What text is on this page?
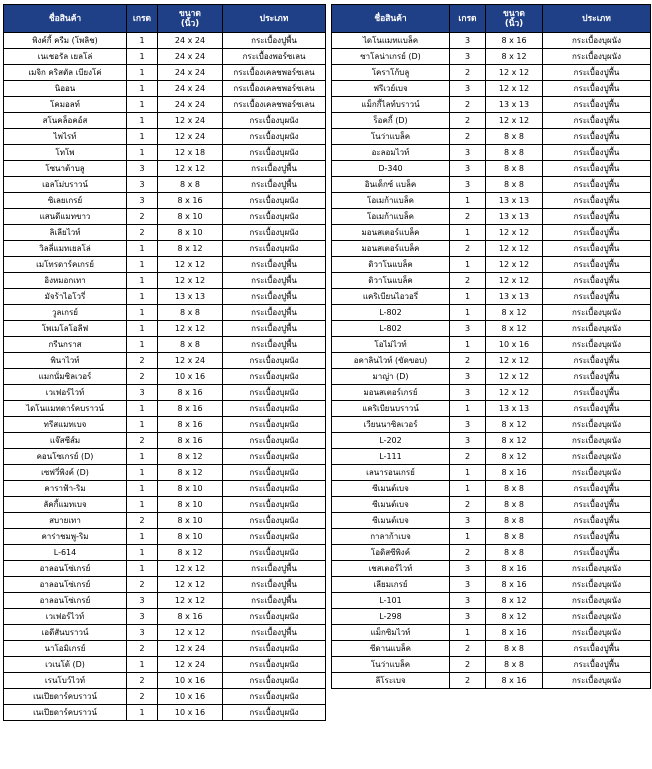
ชื่อสินค้า	เกรด	ขนาด
(นิ้ว)	ประเภท
พิงค์กี้ ครีม (โพลิช)	1	24 x 24	กระเบื้องปูพื้น
เนเชอรัล เยลโล่	1	24 x 24	กระเบื้องพอร์ซเลน
เมจิก คริสตัล เบียงโค่	1	24 x 24	กระเบื้องเคลชพอร์ซเลน
นิออน	1	24 x 24	กระเบื้องเคลชพอร์ซเลน
โคมอลท์	1	24 x 24	กระเบื้องเคลชพอร์ซเลน
สโนคล็อคอ์ส	1	12 x 24	กระเบื้องบุผนัง
ไพไรท์	1	12 x 24	กระเบื้องบุผนัง
โทโพ	1	12 x 18	กระเบื้องบุผนัง
โซนาต้าบลู	3	12 x 12	กระเบื้องปูพื้น
เอลโม่บราวน์	3	8 x 8	กระเบื้องปูพื้น
ซิเลยเกรย์	3	8 x 16	กระเบื้องบุผนัง
แสนดีแมทขาว	2	8 x 10	กระเบื้องบุผนัง
ลิเลียไวท์	2	8 x 10	กระเบื้องบุผนัง
วิลลี่แมทเยลโล่	1	8 x 12	กระเบื้องบุผนัง
เมโทรดาร์คเกรย์	1	12 x 12	กระเบื้องปูพื้น
อิงหมอกเทา	1	12 x 12	กระเบื้องปูพื้น
มัจร้าไอโวรี่	1	13 x 13	กระเบื้องปูพื้น
วูลเกรย์	1	8 x 8	กระเบื้องปูพื้น
โพเมโลโอลีฟ	1	12 x 12	กระเบื้องปูพื้น
กรีนกราส	1	8 x 8	กระเบื้องปูพื้น
พินาไวท์	2	12 x 24	กระเบื้องบุผนัง
แมกนั่มซิลเวอร์	2	10 x 16	กระเบื้องบุผนัง
เวเฟอร์ไวท์	3	8 x 16	กระเบื้องบุผนัง
ไดโนแมทดาร์คบราวน์	1	8 x 16	กระเบื้องบุผนัง
ทรีสแมทเบจ	1	8 x 16	กระเบื้องบุผนัง
แจ๊สซีส์ม	2	8 x 16	กระเบื้องบุผนัง
คอนโซเกรย์ (D)	1	8 x 12	กระเบื้องบุผนัง
เซฟวี่พิงค์ (D)	1	8 x 12	กระเบื้องบุผนัง
คาราฟ้า-ริม	1	8 x 10	กระเบื้องบุผนัง
ลัคกี้แมทเบจ	1	8 x 10	กระเบื้องบุผนัง
สบายเทา	2	8 x 10	กระเบื้องบุผนัง
คาร่าชมพู-ริม	1	8 x 10	กระเบื้องบุผนัง
L-614	1	8 x 12	กระเบื้องบุผนัง
อาลอนโซ่เกรย์	1	12 x 12	กระเบื้องปูพื้น
อาลอนโซ่เกรย์	2	12 x 12	กระเบื้องปูพื้น
อาลอนโซ่เกรย์	3	12 x 12	กระเบื้องปูพื้น
เวเฟอร์ไวท์	3	8 x 16	กระเบื้องบุผนัง
เอดีสันบราวน์	3	12 x 12	กระเบื้องปูพื้น
นาโอมิเกรย์	2	12 x 24	กระเบื้องบุผนัง
เวเนโต้ (D)	1	12 x 24	กระเบื้องบุผนัง
เรนโบว์ไวท์	2	10 x 16	กระเบื้องบุผนัง
เนเปียดาร์คบราวน์	2	10 x 16	กระเบื้องบุผนัง
เนเปียดาร์คบราวน์	1	10 x 16	กระเบื้องบุผนัง
ชื่อสินค้า	เกรด	ขนาด
(นิ้ว)	ประเภท
ไดโนแมทแบล็ค	3	8 x 16	กระเบื้องบุผนัง
ซาโลน่าเกรย์ (D)	3	8 x 12	กระเบื้องบุผนัง
โคราโก้บลู	2	12 x 12	กระเบื้องปูพื้น
ฟรีเวย์เบจ	3	12 x 12	กระเบื้องปูพื้น
แม็กกี้ไลท์บราวน์	2	13 x 13	กระเบื้องปูพื้น
ร็อคกี้ (D)	2	12 x 12	กระเบื้องปูพื้น
โนว่าแบล็ค	2	8 x 8	กระเบื้องปูพื้น
อะลอมไวท์	3	8 x 8	กระเบื้องปูพื้น
D-340	3	8 x 8	กระเบื้องปูพื้น
อินเด็กซ์ แบล็ค	3	8 x 8	กระเบื้องปูพื้น
โอเมก้าแบล็ค	1	13 x 13	กระเบื้องปูพื้น
โอเมก้าแบล็ค	2	13 x 13	กระเบื้องปูพื้น
มอนสเตอร์แบล็ค	1	12 x 12	กระเบื้องปูพื้น
มอนสเตอร์แบล็ค	2	12 x 12	กระเบื้องปูพื้น
ดิวาโนแบล็ค	1	12 x 12	กระเบื้องปูพื้น
ดิวาโนแบล็ค	2	12 x 12	กระเบื้องปูพื้น
แคริเบียนไอวอรี่	1	13 x 13	กระเบื้องปูพื้น
L-802	1	8 x 12	กระเบื้องบุผนัง
L-802	3	8 x 12	กระเบื้องบุผนัง
โอไม่ไวท์	1	10 x 16	กระเบื้องบุผนัง
อคาลินไวท์ (ขัดขอบ)	2	12 x 12	กระเบื้องปูพื้น
มาญ่า (D)	3	12 x 12	กระเบื้องปูพื้น
มอนสเตอร์เกรย์	3	12 x 12	กระเบื้องปูพื้น
แคริเบียนบราวน์	1	13 x 13	กระเบื้องปูพื้น
เวียนนาซิลเวอร์	3	8 x 12	กระเบื้องบุผนัง
L-202	3	8 x 12	กระเบื้องบุผนัง
L-111	2	8 x 12	กระเบื้องบุผนัง
เลนารอนเกรย์	1	8 x 16	กระเบื้องบุผนัง
ซีเมนต์เบจ	1	8 x 8	กระเบื้องปูพื้น
ซีเมนต์เบจ	2	8 x 8	กระเบื้องปูพื้น
ซีเมนต์เบจ	3	8 x 8	กระเบื้องปูพื้น
กาลาก้าเบจ	1	8 x 8	กระเบื้องปูพื้น
โอดิสซีพิงค์	2	8 x 8	กระเบื้องปูพื้น
เชสเตอร์ไวท์	3	8 x 16	กระเบื้องบุผนัง
เลียมเกรย์	3	8 x 16	กระเบื้องบุผนัง
L-101	3	8 x 12	กระเบื้องบุผนัง
L-298	3	8 x 12	กระเบื้องบุผนัง
แม็กซิมไวท์	1	8 x 16	กระเบื้องบุผนัง
ซีดานแบล็ค	2	8 x 8	กระเบื้องปูพื้น
โนว่าแบล็ค	2	8 x 8	กระเบื้องปูพื้น
ลีโระเบจ	2	8 x 16	กระเบื้องบุผนัง
